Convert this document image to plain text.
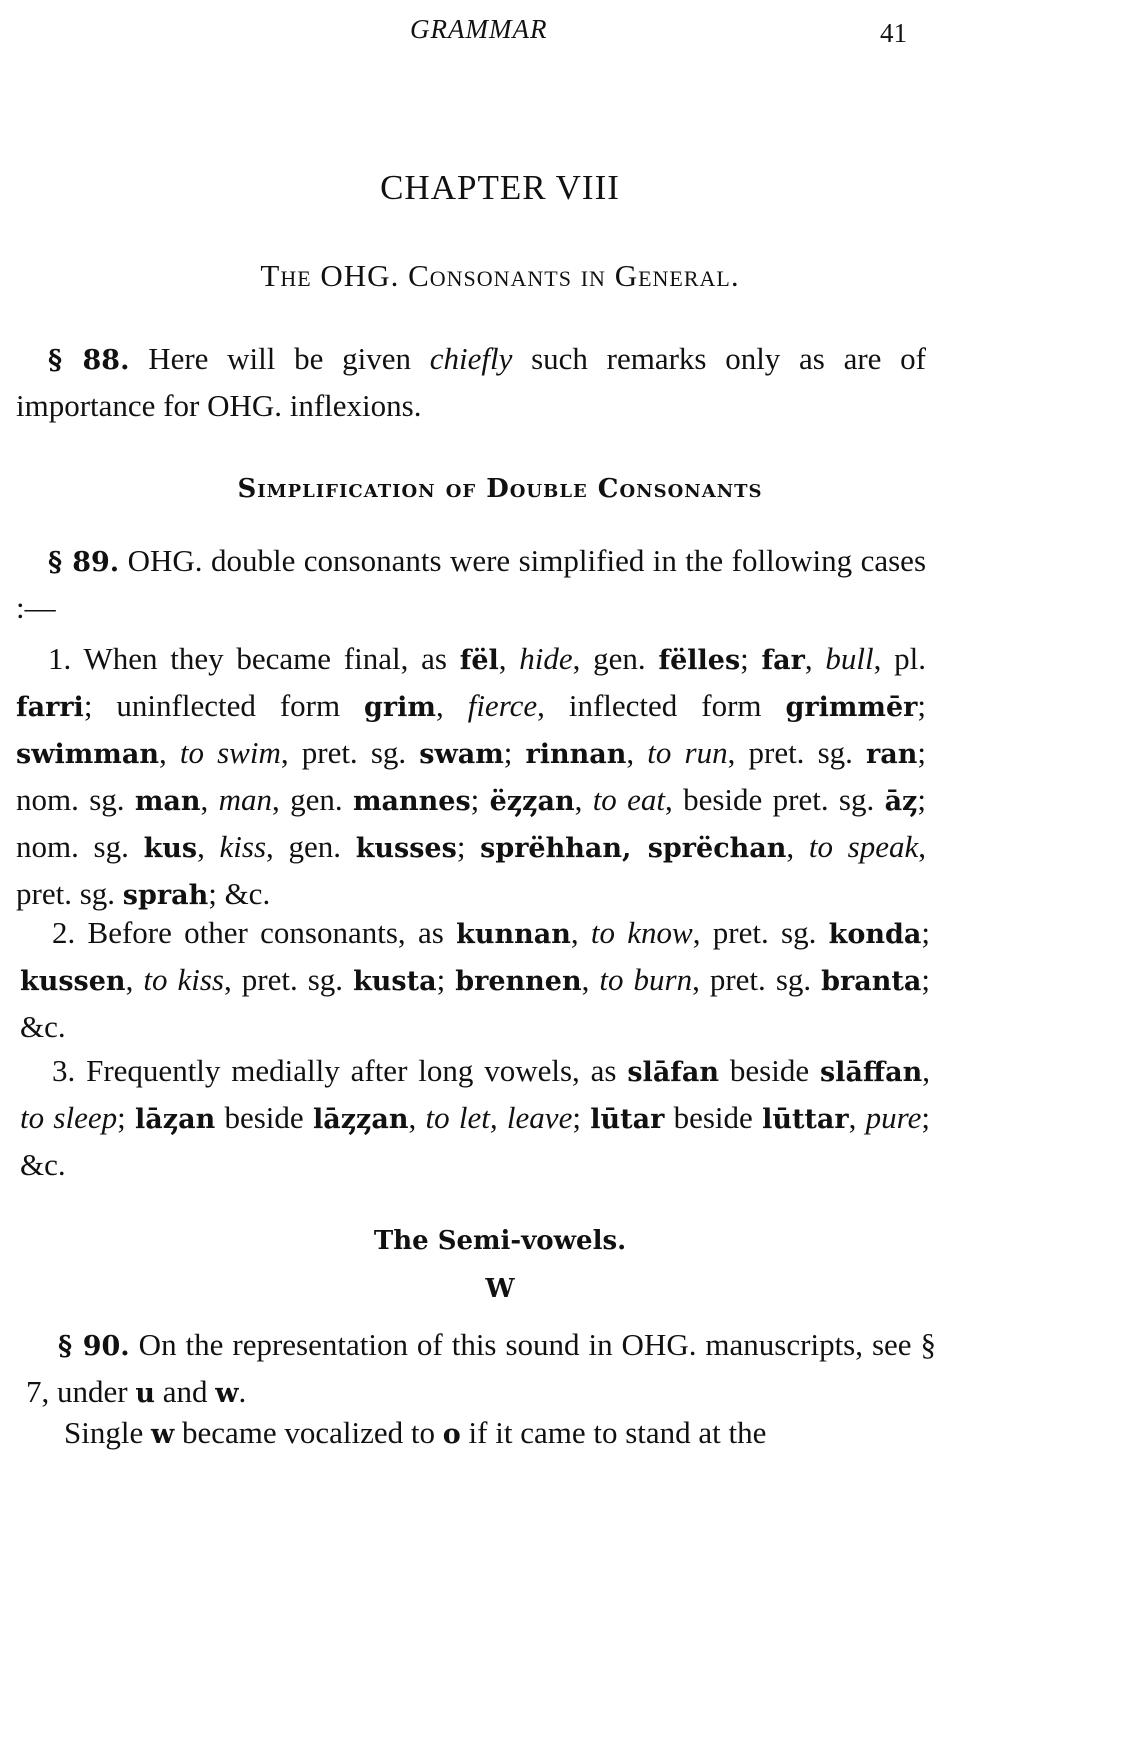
GRAMMAR	41
CHAPTER VIII
The OHG. Consonants in General.
§ 88. Here will be given chiefly such remarks only as are of importance for OHG. inflexions.
Simplification of Double Consonants
§ 89. OHG. double consonants were simplified in the following cases :—
1. When they became final, as fël, hide, gen. fëlles; far, bull, pl. farri; uninflected form grim, fierce, inflected form grimmēr; swimman, to swim, pret. sg. swam; rinnan, to run, pret. sg. ran; nom. sg. man, man, gen. mannes; ëȥȥan, to eat, beside pret. sg. āȥ; nom. sg. kus, kiss, gen. kusses; sprëhhan, sprëchan, to speak, pret. sg. sprah; &c.
2. Before other consonants, as kunnan, to know, pret. sg. konda; kussen, to kiss, pret. sg. kusta; brennen, to burn, pret. sg. branta; &c.
3. Frequently medially after long vowels, as slāfan beside slāffan, to sleep; lāȥan beside lāȥȥan, to let, leave; lūtar beside lūttar, pure; &c.
The Semi-vowels.
W
§ 90. On the representation of this sound in OHG. manuscripts, see § 7, under u and w.
Single w became vocalized to o if it came to stand at the
